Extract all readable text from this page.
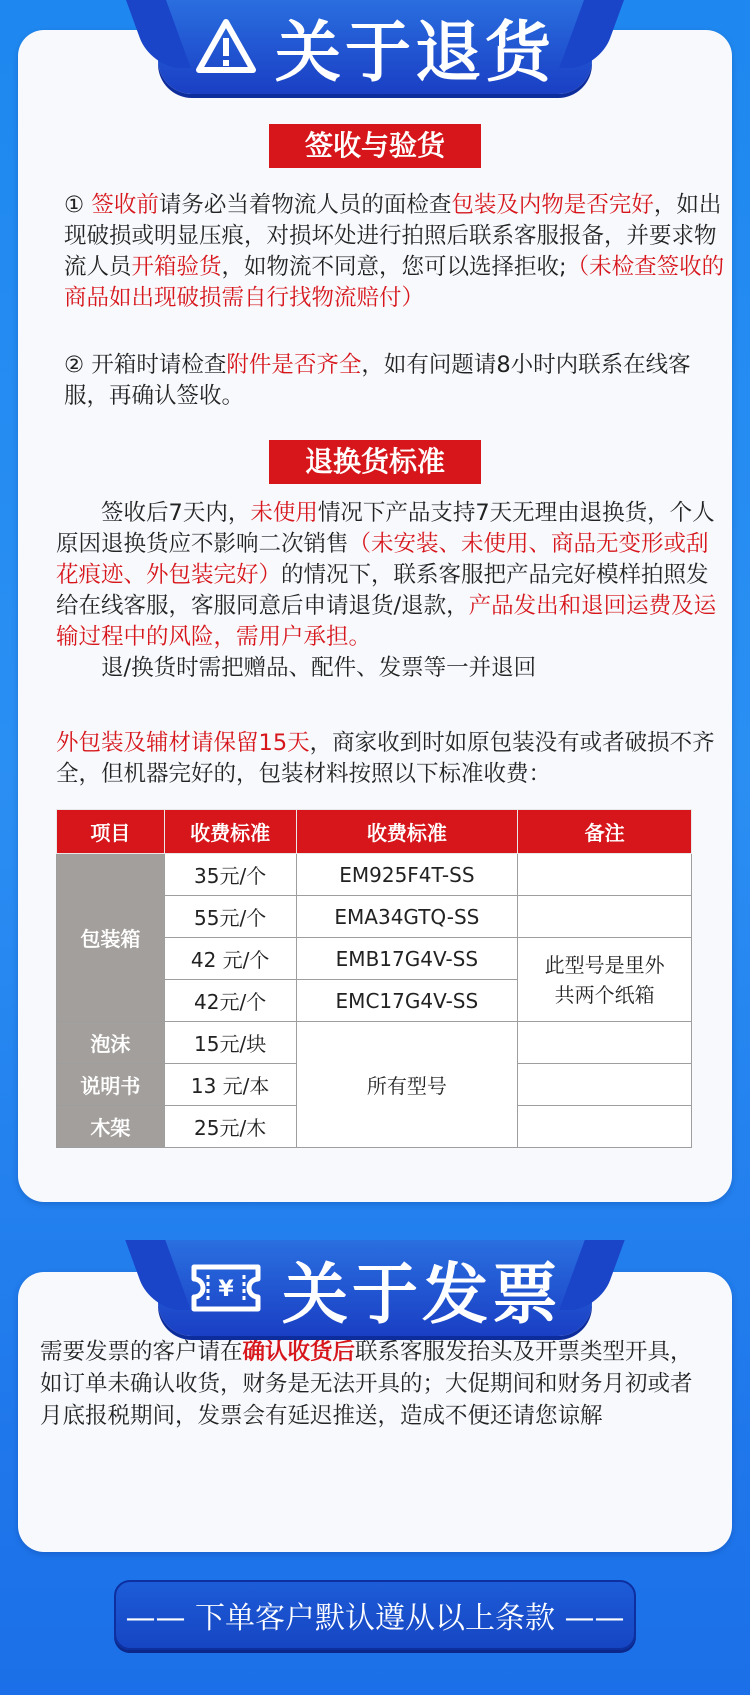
签收与验货
① 签收前请务必当着物流人员的面检查包装及内物是否完好，如出现破损或明显压痕，对损坏处进行拍照后联系客服报备，并要求物流人员开箱验货，如物流不同意，您可以选择拒收;（未检查签收的商品如出现破损需自行找物流赔付）
② 开箱时请检查附件是否齐全，如有问题请8小时内联系在线客服，再确认签收。
退换货标准
签收后7天内，未使用情况下产品支持7天无理由退换货，个人原因退换货应不影响二次销售（未安装、未使用、商品无变形或刮花痕迹、外包装完好）的情况下，联系客服把产品完好模样拍照发给在线客服，客服同意后申请退货/退款，产品发出和退回运费及运输过程中的风险，需用户承担。
退/换货时需把赠品、配件、发票等一并退回
外包装及辅材请保留15天，商家收到时如原包装没有或者破损不齐全，但机器完好的，包装材料按照以下标准收费：
项目	收费标准	收费标准	备注
包装箱	35元/个	EM925F4T-SS	
	55元/个	EMA34GTQ-SS	
	42 元/个	EMB17G4V-SS	此型号是里外共两个纸箱
	42元/个	EMC17G4V-SS	
泡沫	15元/块	所有型号	
说明书	13 元/本		
木架	25元/木		
关于退货
需要发票的客户请在确认收货后联系客服发抬头及开票类型开具，如订单未确认收货，财务是无法开具的；大促期间和财务月初或者月底报税期间，发票会有延迟推送，造成不便还请您谅解
¥ 关于发票
—— 下单客户默认遵从以上条款 ——
